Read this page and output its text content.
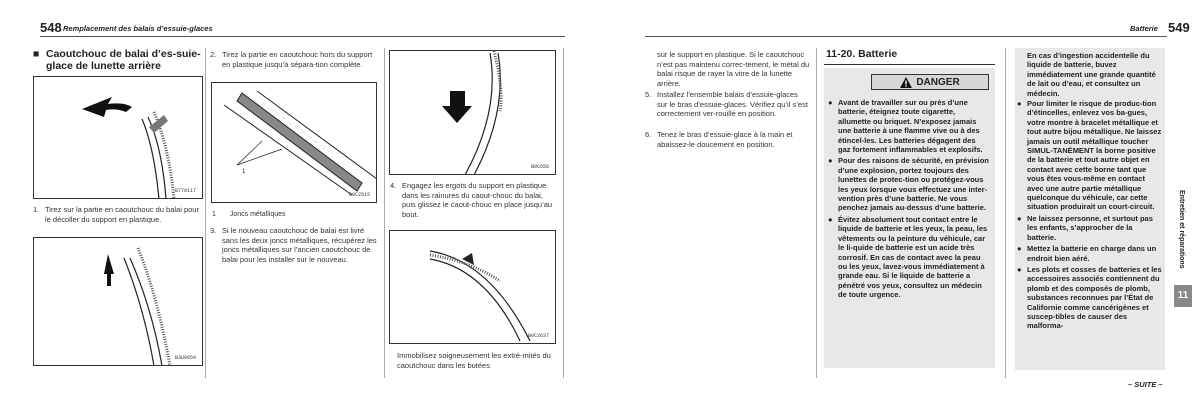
548 Remplacement des balais d’essuie-glaces
■ Caoutchouc de balai d’es-suie-glace de lunette arrière
B770117
1. Tirez sur la partie en caoutchouc du balai pour le décoller du support en plastique.
B3U0654
2. Tirez la partie en caoutchouc hors du support en plastique jusqu’à sépara-tion complète.
1
B0C2515
1 Joncs métalliques
3. Si le nouveau caoutchouc de balai est livré sans les deux joncs métalliques, récupérez les joncs métalliques sur l’ancien caoutchouc de balai pour les installer sur le nouveau.
B0C656
4. Engagez les ergots du support en plastique dans les rainures du caout-chouc du balai, puis glissez le caout-chouc en place jusqu’au bout.
B0C2637
Immobilisez soigneusement les extré-mités du caoutchouc dans les butées
Batterie 549
sur le support en plastique. Si le caoutchouc n’est pas maintenu correc-tement, le métal du balai risque de rayer la vitre de la lunette arrière.
5. Installez l’ensemble balais d’essuie-glaces sur le bras d’essuie-glaces. Vérifiez qu’il s’est correctement ver-rouillé en position.
6. Tenez le bras d’essuie-glace à la main et abaissez-le doucement en position.
11-20. Batterie
DANGER
● Avant de travailler sur ou près d’une batterie, éteignez toute cigarette, allumette ou briquet. N’exposez jamais une batterie à une flamme vive ou à des étincel-les. Les batteries dégagent des gaz fortement inflammables et explosifs.
● Pour des raisons de sécurité, en prévision d’une explosion, portez toujours des lunettes de protec-tion ou protégez-vous les yeux lorsque vous effectuez une inter-vention près d’une batterie. Ne vous penchez jamais au-dessus d’une batterie.
● Évitez absolument tout contact entre le liquide de batterie et les yeux, la peau, les vêtements ou la peinture du véhicule, car le li-quide de batterie est un acide très corrosif. En cas de contact avec la peau ou les yeux, lavez-vous immédiatement à grande eau. Si le liquide de batterie a pénétré vos yeux, consultez un médecin de toute urgence.
En cas d’ingestion accidentelle du liquide de batterie, buvez immédiatement une grande quantité de lait ou d’eau, et consultez un médecin.
● Pour limiter le risque de produc-tion d’étincelles, enlevez vos ba-gues, votre montre à bracelet métallique et tout autre bijou métallique. Ne laissez jamais un outil métallique toucher SIMUL-TANÉMENT la borne positive de la batterie et tout autre objet en contact avec cette borne tant que vous êtes vous-même en contact avec une autre partie métallique quelconque du véhicule, car cette situation produirait un court-circuit.
● Ne laissez personne, et surtout pas les enfants, s’approcher de la batterie.
● Mettez la batterie en charge dans un endroit bien aéré.
● Les plots et cosses de batteries et les accessoires associés contiennent du plomb et des composés de plomb, substances reconnues par l’État de Californie comme cancérigènes et suscep-tibles de causer des malforma-
Entretien et réparations
11
– SUITE –
